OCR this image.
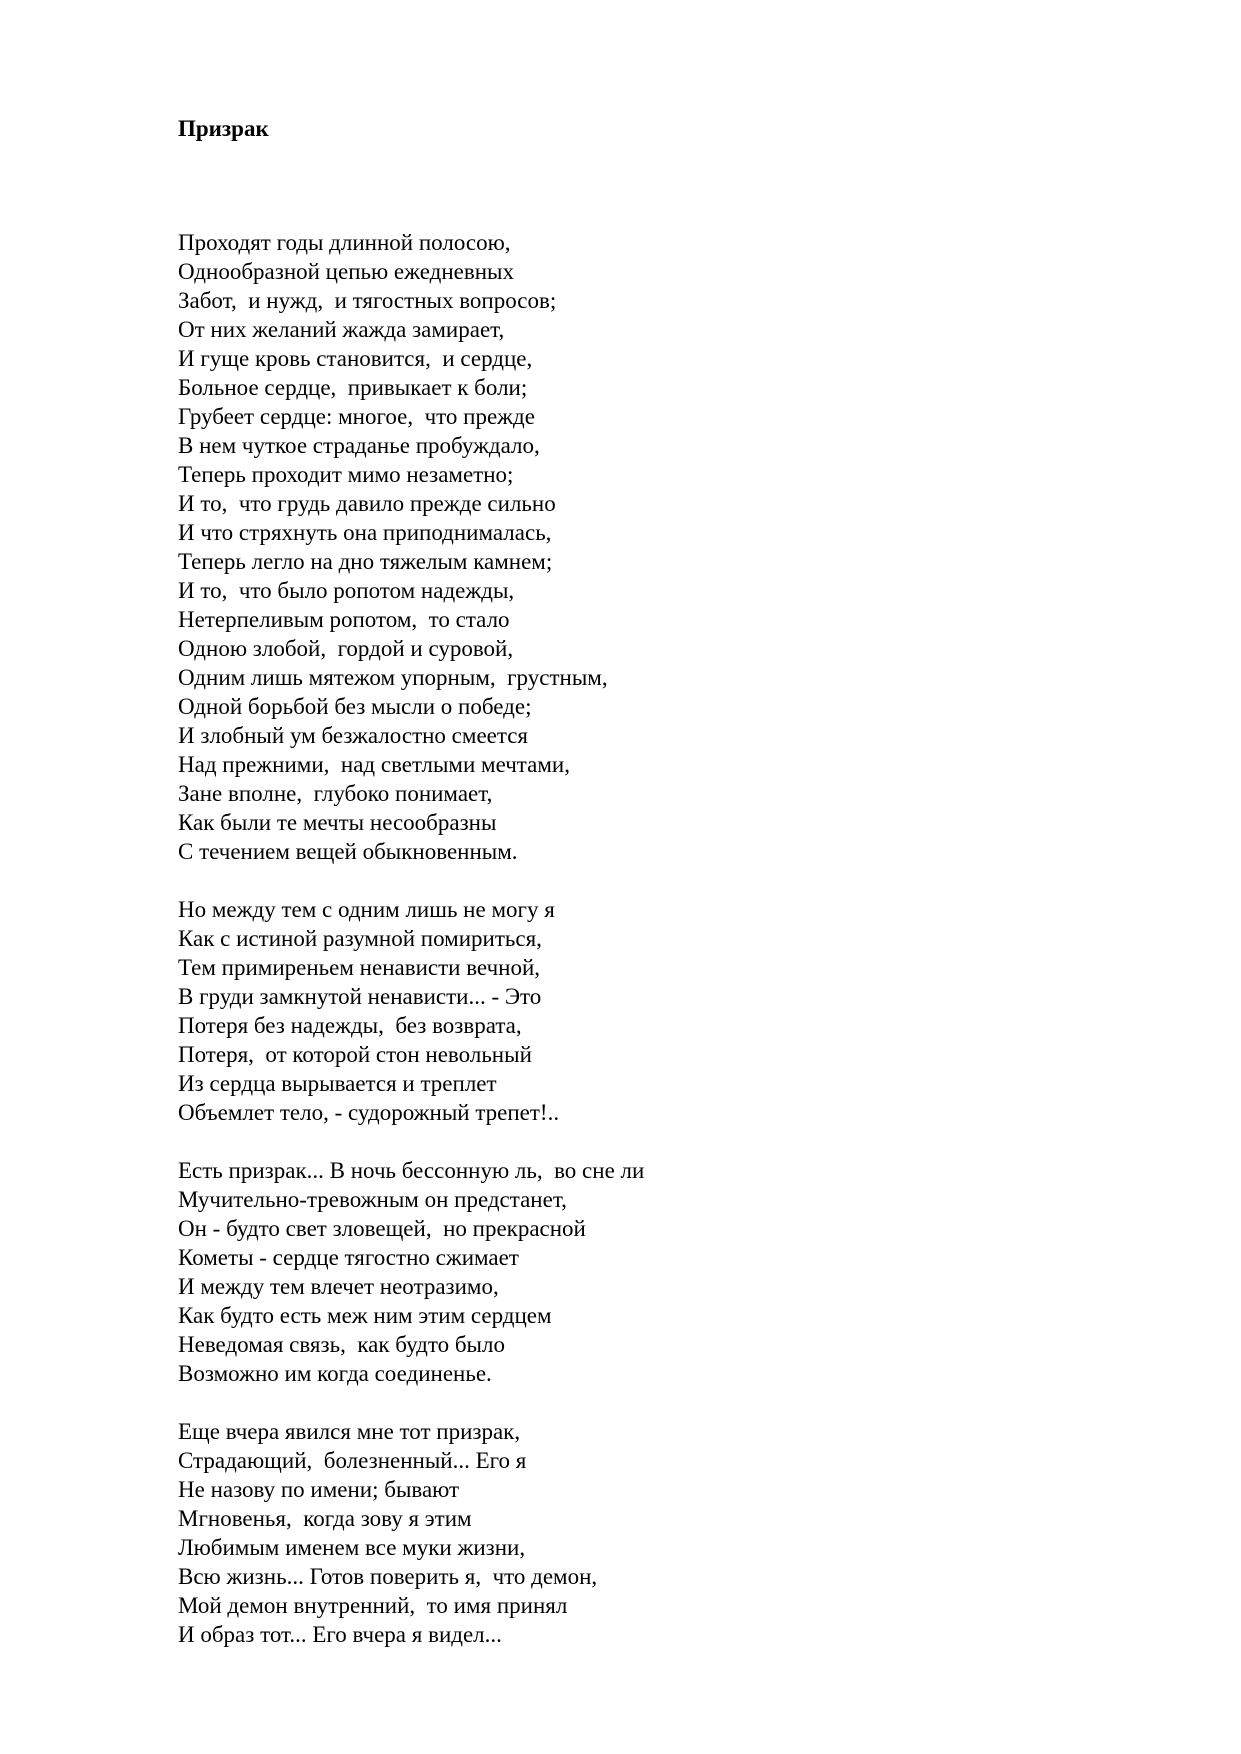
Призрак
Проходят годы длинной полосою,
Однообразной цепью ежедневных
Забот,  и нужд,  и тягостных вопросов;
От них желаний жажда замирает,
И гуще кровь становится,  и сердце,
Больное сердце,  привыкает к боли;
Грубеет сердце: многое,  что прежде
В нем чуткое страданье пробуждало,
Теперь проходит мимо незаметно;
И то,  что грудь давило прежде сильно
И что стряхнуть она приподнималась,
Теперь легло на дно тяжелым камнем;
И то,  что было ропотом надежды,
Нетерпеливым ропотом,  то стало
Одною злобой,  гордой и суровой,
Одним лишь мятежом упорным,  грустным,
Одной борьбой без мысли о победе;
И злобный ум безжалостно смеется
Над прежними,  над светлыми мечтами,
Зане вполне,  глубоко понимает,
Как были те мечты несообразны
С течением вещей обыкновенным.
Но между тем с одним лишь не могу я
Как с истиной разумной помириться,
Тем примиреньем ненависти вечной,
В груди замкнутой ненависти... - Это
Потеря без надежды,  без возврата,
Потеря,  от которой стон невольный
Из сердца вырывается и треплет
Объемлет тело, - судорожный трепет!..
Есть призрак... В ночь бессонную ль,  во сне ли
Мучительно-тревожным он предстанет,
Он - будто свет зловещей,  но прекрасной
Кометы - сердце тягостно сжимает
И между тем влечет неотразимо,
Как будто есть меж ним этим сердцем
Неведомая связь,  как будто было
Возможно им когда соединенье.
Еще вчера явился мне тот призрак,
Страдающий,  болезненный... Его я
Не назову по имени; бывают
Мгновенья,  когда зову я этим
Любимым именем все муки жизни,
Всю жизнь... Готов поверить я,  что демон,
Мой демон внутренний,  то имя принял
И образ тот... Его вчера я видел...
